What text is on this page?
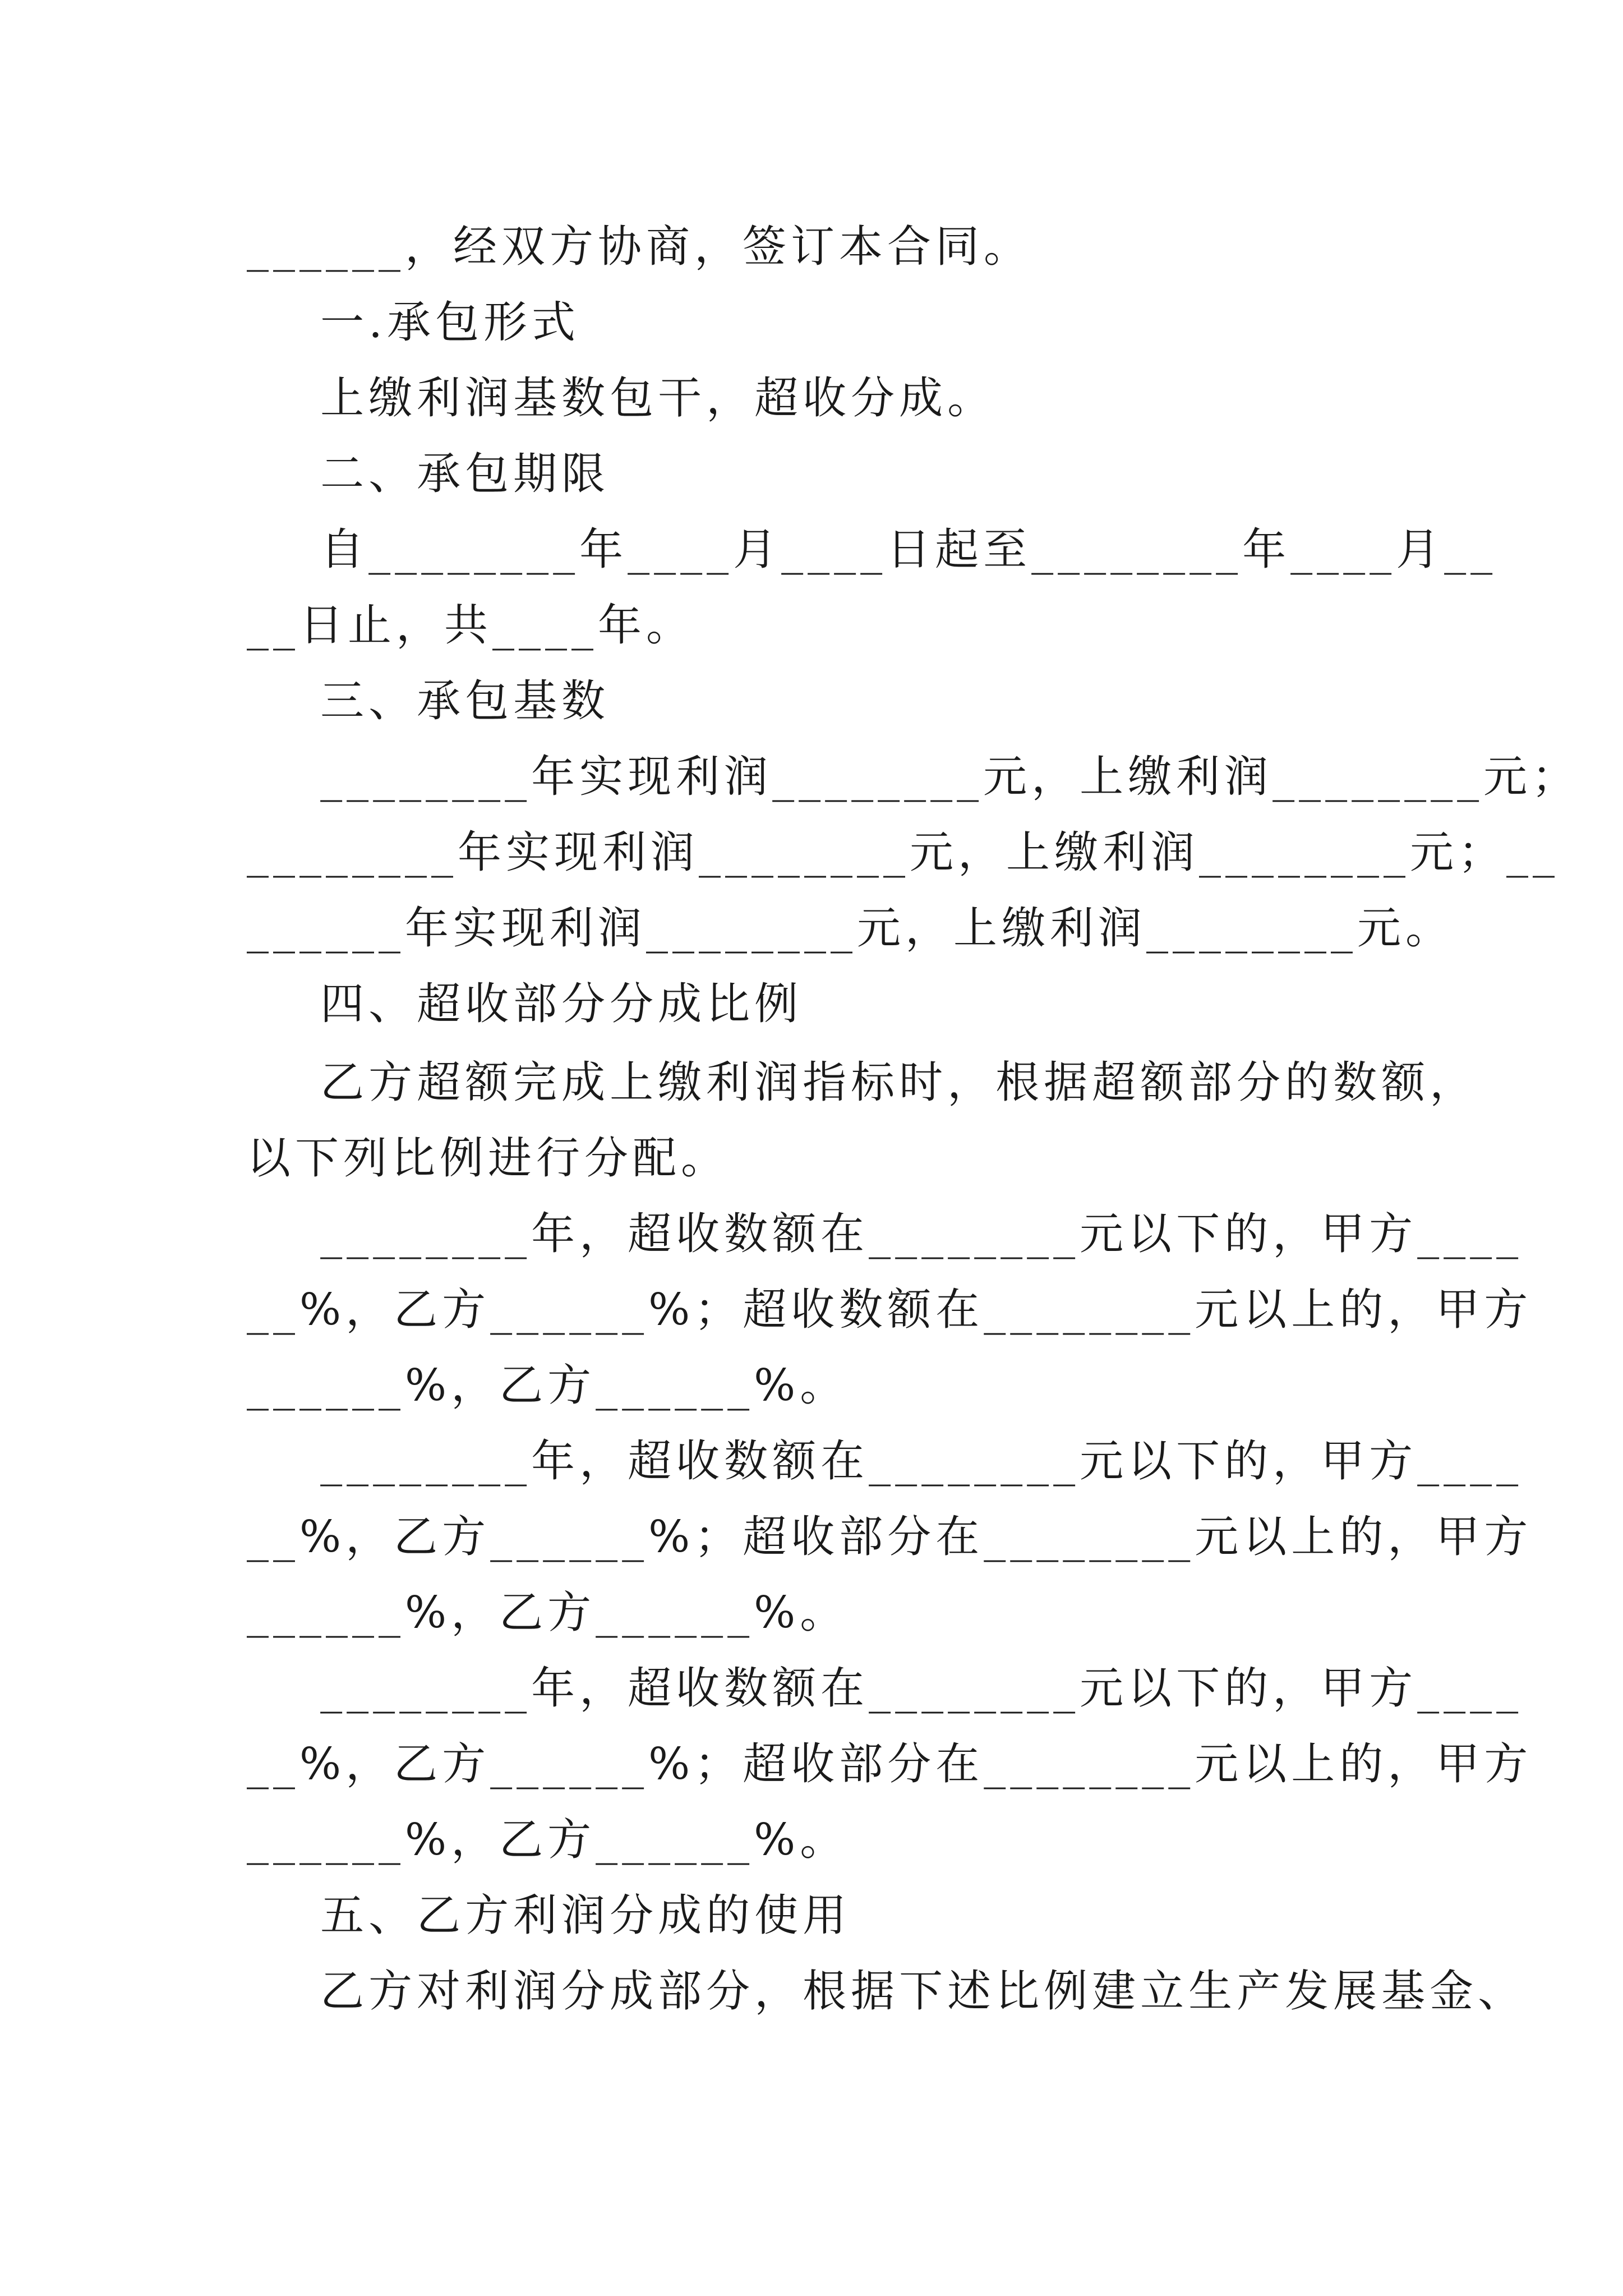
______，经双方协商，签订本合同。
一.承包形式
上缴利润基数包干，超收分成。
二、承包期限
自________年____月____日起至________年____月__
__日止，共____年。
三、承包基数
________年实现利润________元，上缴利润________元；
________年实现利润________元，上缴利润________元；__
______年实现利润________元，上缴利润________元。
四、超收部分分成比例
乙方超额完成上缴利润指标时，根据超额部分的数额，
以下列比例进行分配。
________年，超收数额在________元以下的，甲方____
__%，乙方______%；超收数额在________元以上的，甲方
______%，乙方______%。
________年，超收数额在________元以下的，甲方____
__%，乙方______%；超收部分在________元以上的，甲方
______%，乙方______%。
________年，超收数额在________元以下的，甲方____
__%，乙方______%；超收部分在________元以上的，甲方
______%，乙方______%。
五、乙方利润分成的使用
乙方对利润分成部分，根据下述比例建立生产发展基金、
